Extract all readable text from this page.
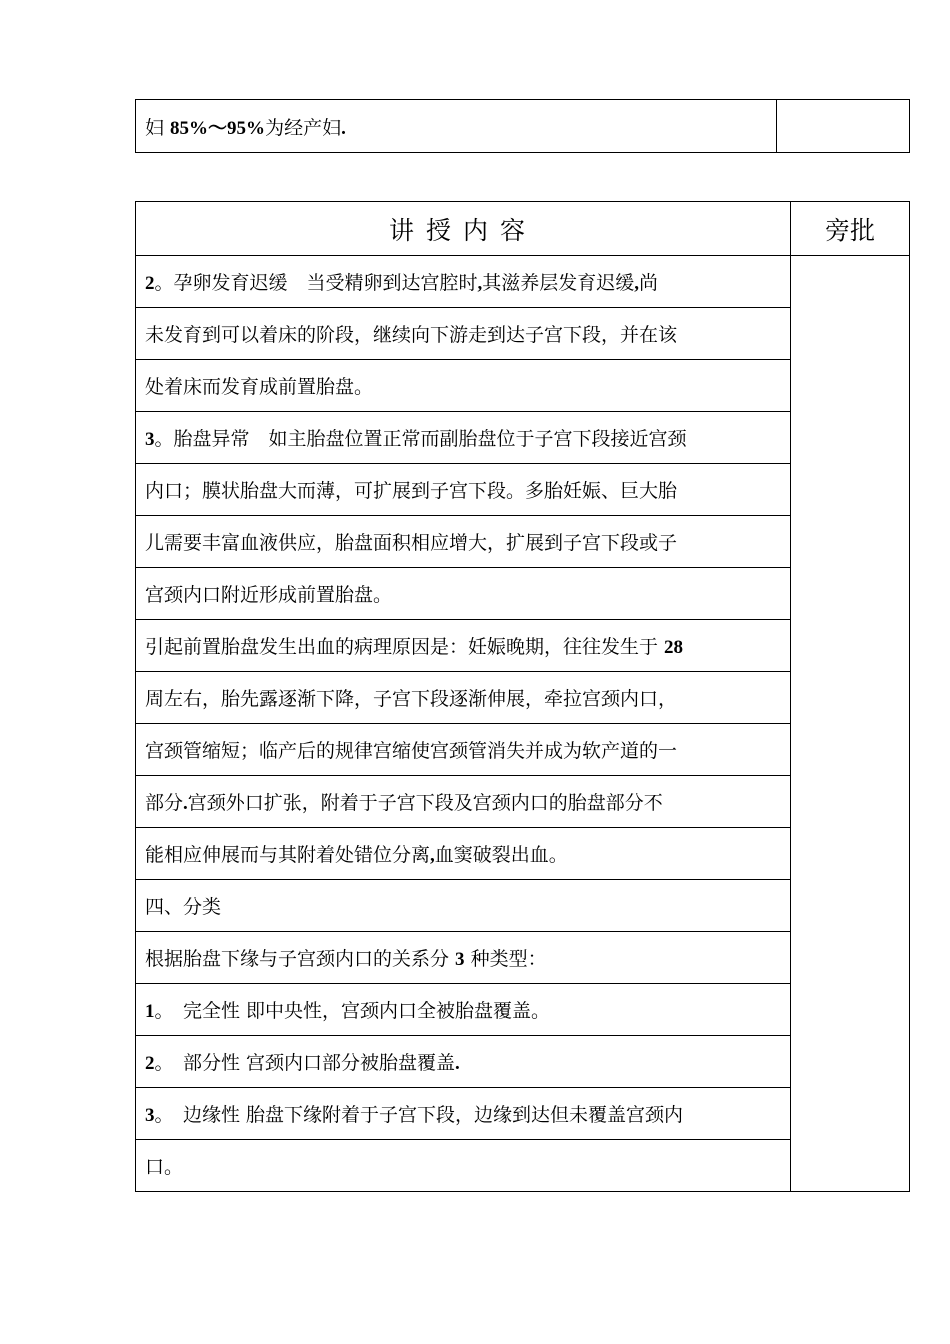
妇 85%～95%为经产妇.	
讲授内容	旁批
2。孕卵发育迟缓　当受精卵到达宫腔时,其滋养层发育迟缓,尚	
未发育到可以着床的阶段，继续向下游走到达子宫下段，并在该	
处着床而发育成前置胎盘。	
3。胎盘异常　如主胎盘位置正常而副胎盘位于子宫下段接近宫颈	
内口；膜状胎盘大而薄，可扩展到子宫下段。多胎妊娠、巨大胎	
儿需要丰富血液供应，胎盘面积相应增大，扩展到子宫下段或子	
宫颈内口附近形成前置胎盘。	
引起前置胎盘发生出血的病理原因是：妊娠晚期，往往发生于 28	
周左右，胎先露逐渐下降，子宫下段逐渐伸展，牵拉宫颈内口，	
宫颈管缩短；临产后的规律宫缩使宫颈管消失并成为软产道的一	
部分.宫颈外口扩张，附着于子宫下段及宫颈内口的胎盘部分不	
能相应伸展而与其附着处错位分离,血窦破裂出血。	
四、分类	
根据胎盘下缘与子宫颈内口的关系分 3 种类型：	
1。　完全性 即中央性，宫颈内口全被胎盘覆盖。	
2。　部分性 宫颈内口部分被胎盘覆盖.	
3。　边缘性 胎盘下缘附着于子宫下段，边缘到达但未覆盖宫颈内	
口。	
